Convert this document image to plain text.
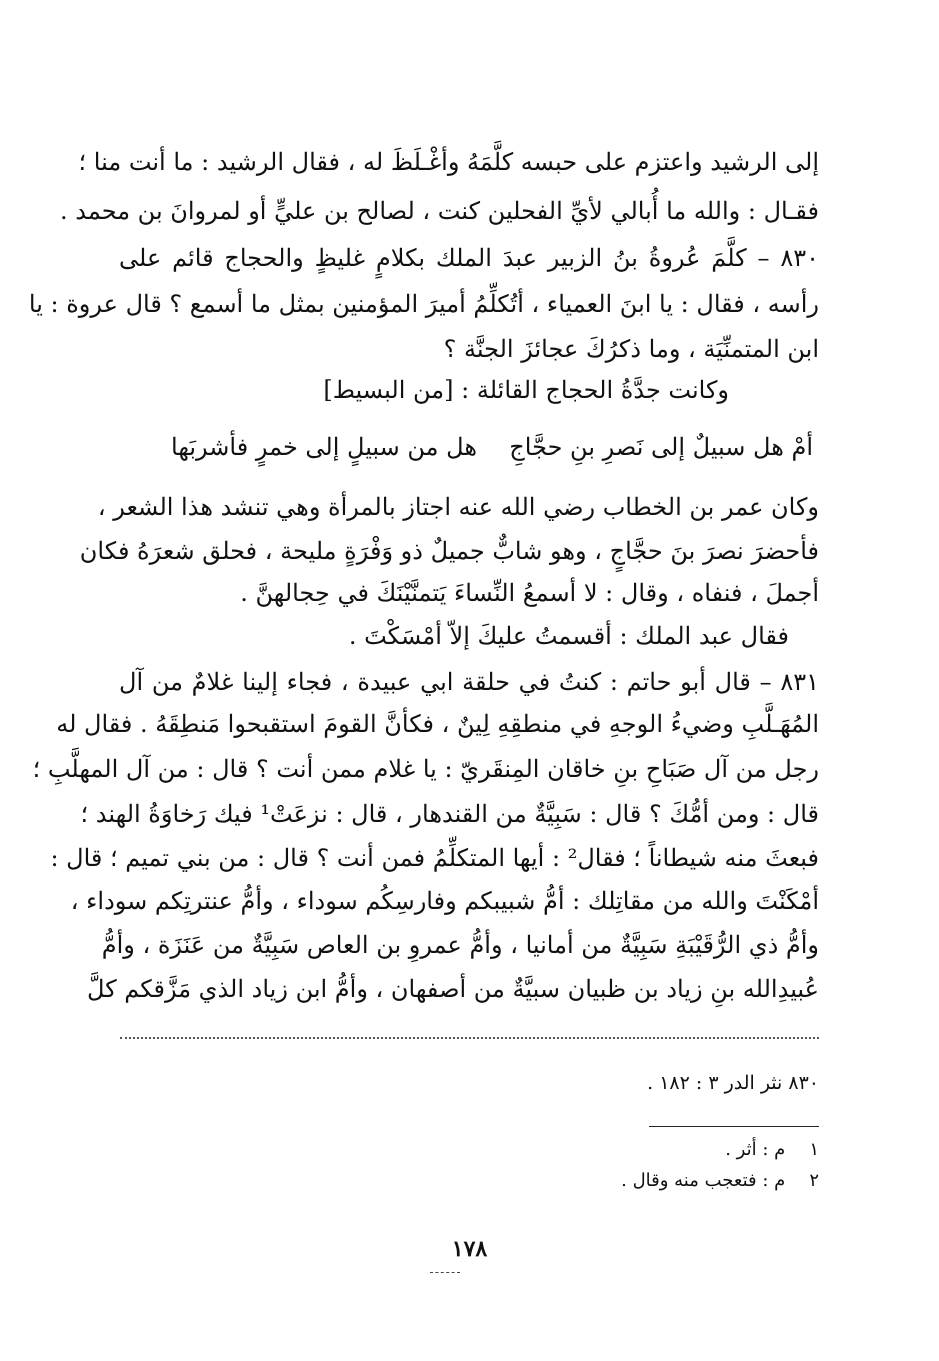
إلى الرشيد واعتزم على حبسه كلَّمَهُ وأغْـلَظَ له ، فقال الرشيد : ما أنت منا ؛
فقـال : والله ما أُبالي لأيِّ الفحلين كنت ، لصالح بن عليٍّ أو لمروانَ بن محمد .
٨٣٠ – كلَّمَ عُروةُ بنُ الزبير عبدَ الملك بكلامٍ غليظٍ والحجاج قائم على
رأسه ، فقال : يا ابنَ العمياء ، أتُكلِّمُ أميرَ المؤمنين بمثل ما أسمع ؟ قال عروة : يا
ابن المتمنِّيَة ، وما ذكرُكَ عجائزَ الجنَّة ؟
وكانت جدَّةُ الحجاج القائلة : [من البسيط]
هل من سبيلٍ إلى خمرٍ فأشربَها أمْ هل سبيلٌ إلى نَصرِ بنِ حجَّاجِ
وكان عمر بن الخطاب رضي الله عنه اجتاز بالمرأة وهي تنشد هذا الشعر ،
فأحضرَ نصرَ بنَ حجَّاجٍ ، وهو شابٌّ جميلٌ ذو وَفْرَةٍ مليحة ، فحلق شعرَهُ فكان
أجملَ ، فنفاه ، وقال : لا أسمعُ النِّساءَ يَتمنَّيْنَكَ في حِجالهنَّ .
فقال عبد الملك : أقسمتُ عليكَ إلاّ أمْسَكْتَ .
٨٣١ – قال أبو حاتم : كنتُ في حلقة ابي عبيدة ، فجاء إلينا غلامٌ من آل
المُهَـلَّبِ وضيءُ الوجهِ في منطقِهِ لِينٌ ، فكأنَّ القومَ استقبحوا مَنطِقَهُ . فقال له
رجل من آل صَبَاحِ بنِ خاقان المِنقَريّ : يا غلام ممن أنت ؟ قال : من آل المهلَّبِ ؛
قال : ومن أمُّكَ ؟ قال : سَبِيَّةٌ من القندهار ، قال : نزعَتْ¹ فيك رَخاوَةُ الهند ؛
فبعثَ منه شيطاناً ؛ فقال² : أيها المتكلِّمُ فمن أنت ؟ قال : من بني تميم ؛ قال :
أمْكَنْتَ والله من مقاتِلك : أمُّ شبيبكم وفارسِكُم سوداء ، وأمُّ عنترتِكم سوداء ،
وأمُّ ذي الرُّقَيْبَةِ سَبِيَّةٌ من أمانيا ، وأمُّ عمروِ بن العاص سَبِيَّةٌ من عَنَزَة ، وأمُّ
عُبيدِالله بنِ زياد بن ظبيان سبيَّةٌ من أصفهان ، وأمُّ ابن زياد الذي مَزَّقكم كلَّ
٨٣٠ نثر الدر ٣ : ١٨٢ .
١ م : أثر .
٢ م : فتعجب منه وقال .
١٧٨
